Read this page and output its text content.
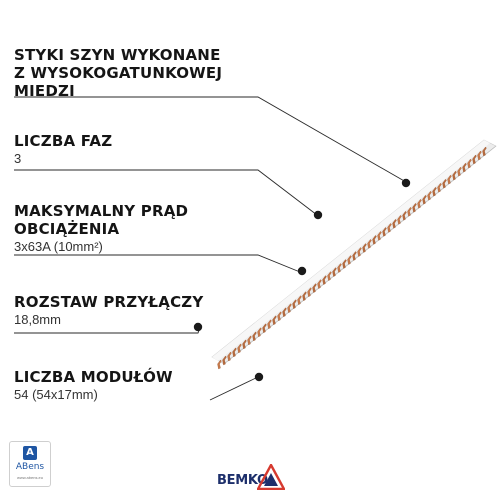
STYKI SZYN WYKONANE
Z WYSOKOGATUNKOWEJ
MIEDZI
LICZBA FAZ
3
MAKSYMALNY PRĄD
OBCIĄŻENIA
3x63A (10mm²)
ROZSTAW PRZYŁĄCZY
18,8mm
LICZBA MODUŁÓW
54 (54x17mm)
A
ABens
www.abens.eu	BEMKO
